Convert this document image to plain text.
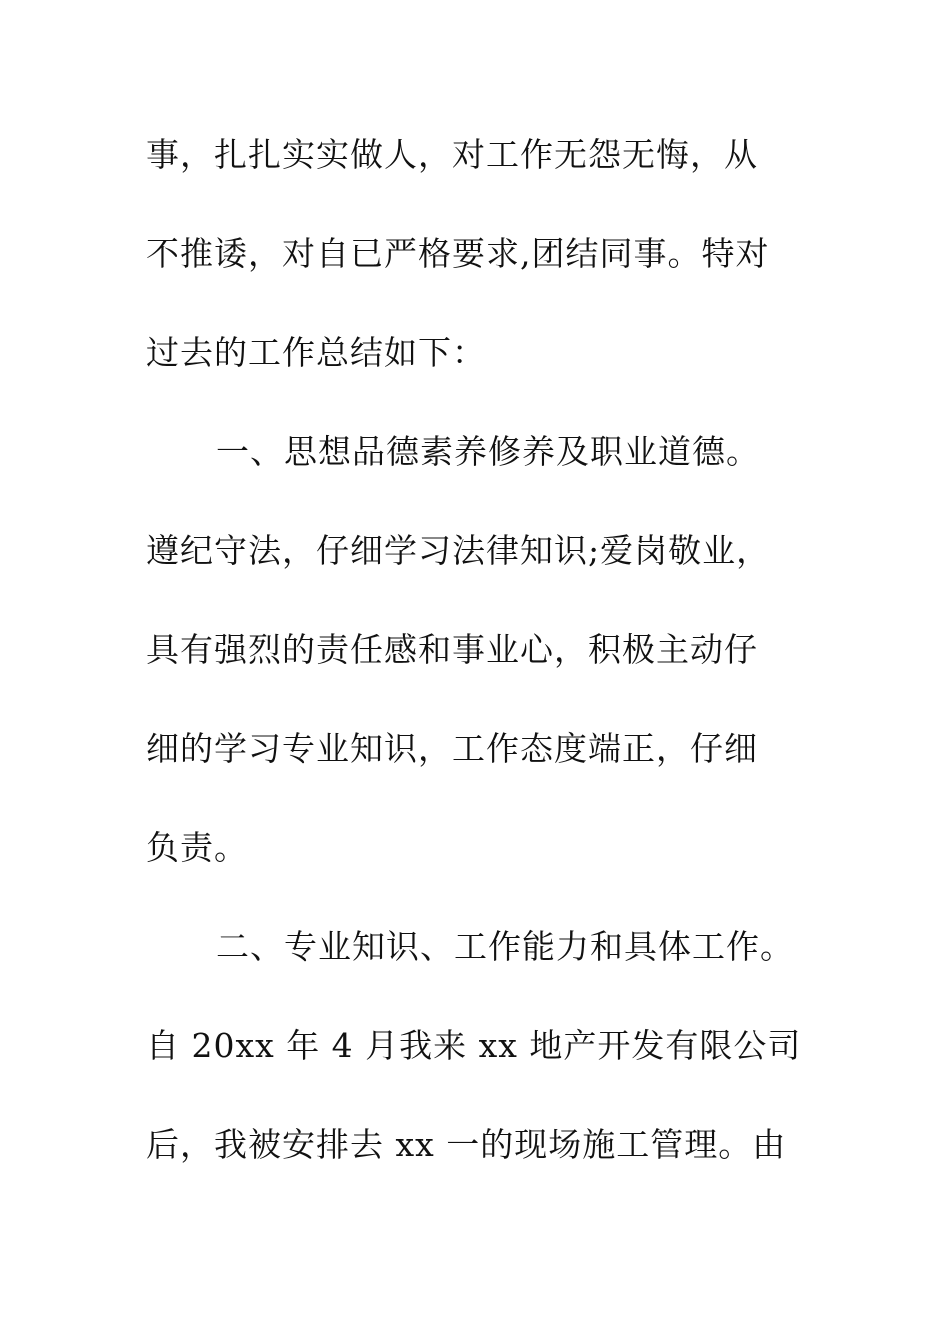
事，扎扎实实做人，对工作无怨无悔，从
不推诿，对自已严格要求,团结同事。特对
过去的工作总结如下：
一、思想品德素养修养及职业道德。
遵纪守法，仔细学习法律知识;爱岗敬业，
具有强烈的责任感和事业心，积极主动仔
细的学习专业知识，工作态度端正，仔细
负责。
二、专业知识、工作能力和具体工作。
自 20xx 年 4 月我来 xx 地产开发有限公司
后，我被安排去 xx 一的现场施工管理。由
